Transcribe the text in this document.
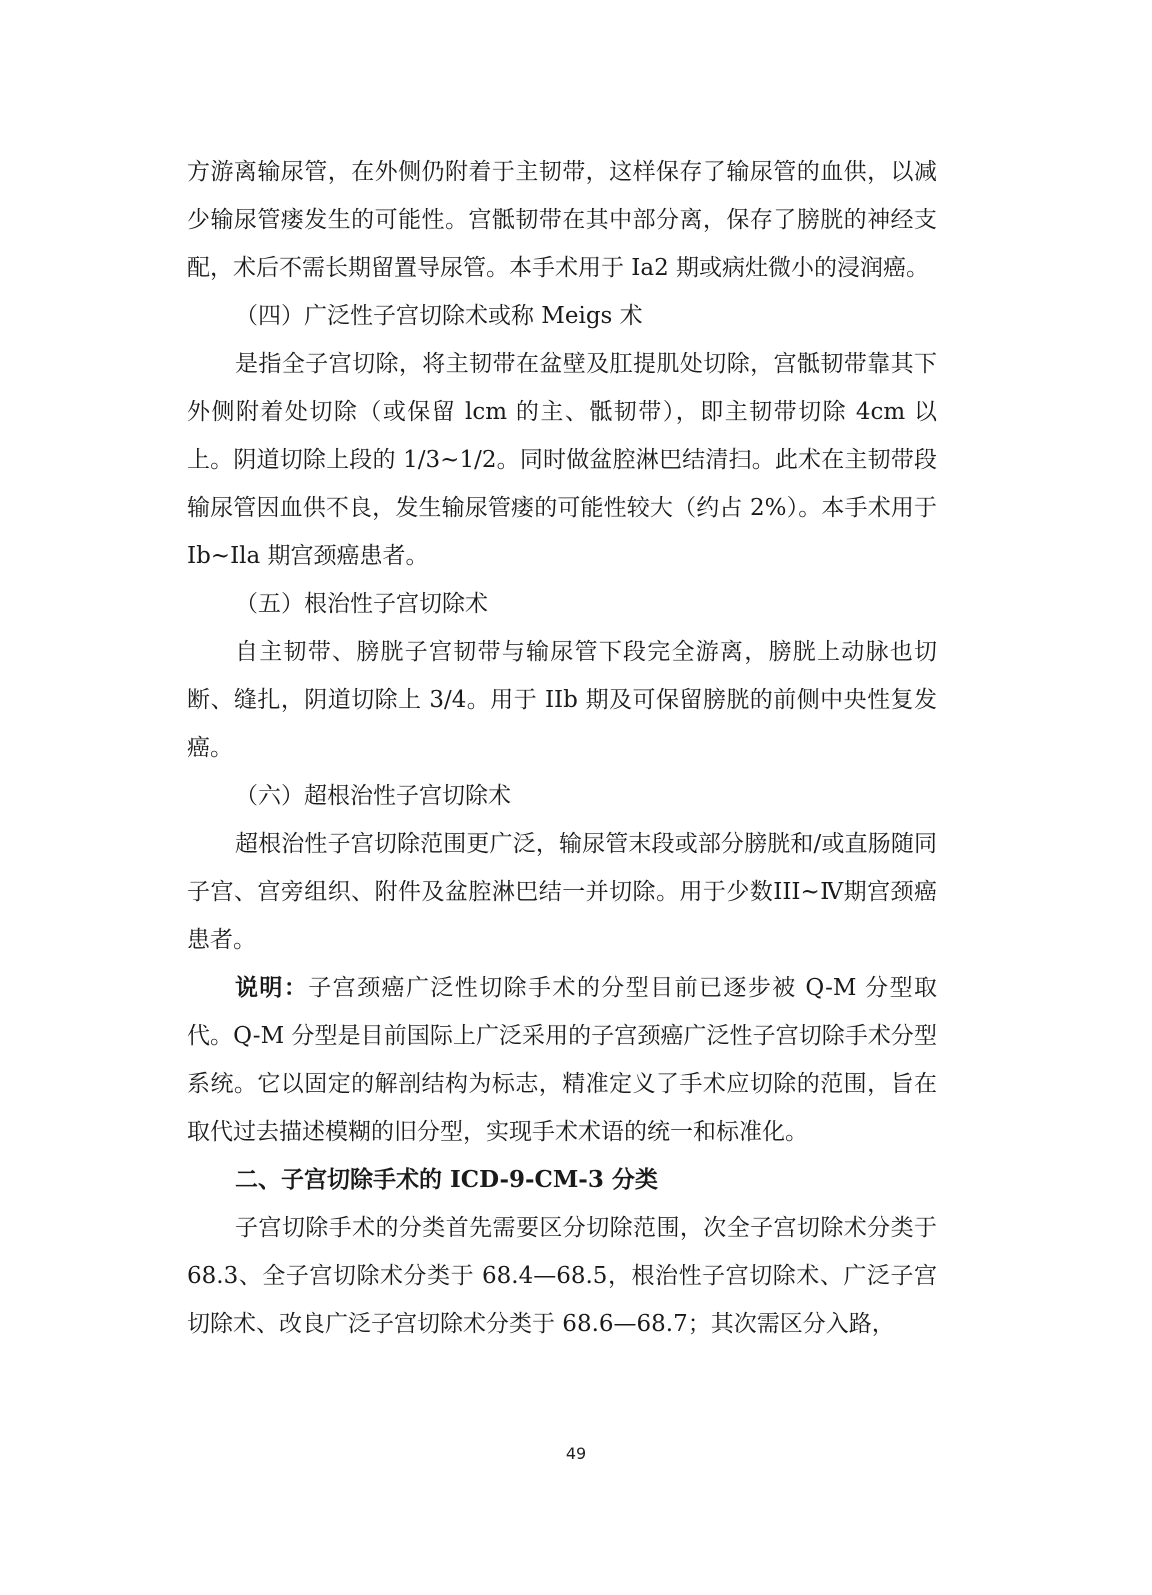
方游离输尿管，在外侧仍附着于主韧带，这样保存了输尿管的血供，以减少输尿管瘘发生的可能性。宫骶韧带在其中部分离，保存了膀胱的神经支配，术后不需长期留置导尿管。本手术用于 Ia2 期或病灶微小的浸润癌。

（四）广泛性子宫切除术或称 Meigs 术

是指全子宫切除，将主韧带在盆壁及肛提肌处切除，宫骶韧带靠其下外侧附着处切除（或保留 lcm 的主、骶韧带），即主韧带切除 4cm 以上。阴道切除上段的 1/3~1/2。同时做盆腔淋巴结清扫。此术在主韧带段输尿管因血供不良，发生输尿管瘘的可能性较大（约占 2%）。本手术用于 Ib~Ila 期宫颈癌患者。

（五）根治性子宫切除术

自主韧带、膀胱子宫韧带与输尿管下段完全游离，膀胱上动脉也切断、缝扎，阴道切除上 3/4。用于 IIb 期及可保留膀胱的前侧中央性复发癌。

（六）超根治性子宫切除术

超根治性子宫切除范围更广泛，输尿管末段或部分膀胱和/或直肠随同子宫、宫旁组织、附件及盆腔淋巴结一并切除。用于少数III~Ⅳ期宫颈癌患者。

说明：子宫颈癌广泛性切除手术的分型目前已逐步被 Q-M 分型取代。Q-M 分型是目前国际上广泛采用的子宫颈癌广泛性子宫切除手术分型系统。它以固定的解剖结构为标志，精准定义了手术应切除的范围，旨在取代过去描述模糊的旧分型，实现手术术语的统一和标准化。

二、子宫切除手术的 ICD-9-CM-3 分类

子宫切除手术的分类首先需要区分切除范围，次全子宫切除术分类于 68.3、全子宫切除术分类于 68.4—68.5，根治性子宫切除术、广泛子宫切除术、改良广泛子宫切除术分类于 68.6—68.7；其次需区分入路，

49
